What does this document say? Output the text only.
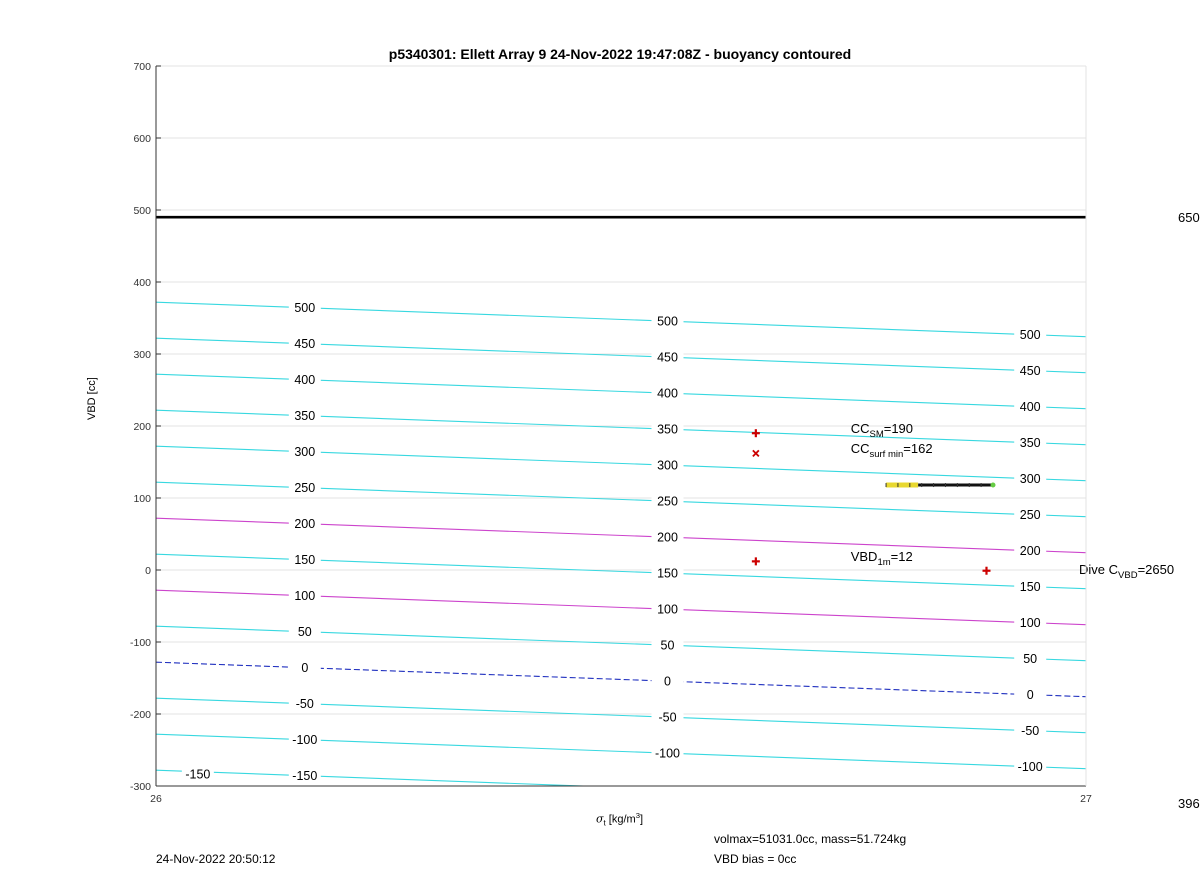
500
500
500
450
450
450
400
400
400
350
350
350
300
300
300
250
250
250
200
200
200
150
150
150
100
100
100
50
50
50
0
0
0
-50
-50
-50
-100
-100
-100
-150
-150
$CC_{SM}=190$
$CC_{surf min}=162$
$VBD_{1m}=12$
Dive $C_{VBD}=2650$
-300
-200
-100
0
100
200
300
400
500
600
700
26	27
p5340301: Ellett Array 9 24-Nov-2022 19:47:08Z - buoyancy contoured
VBD [cc]
$\sigma_t$ $[kg/m^3]$
650
396
24-Nov-2022 20:50:12
volmax=51031.0cc, mass=51.724kg
VBD bias = 0cc
